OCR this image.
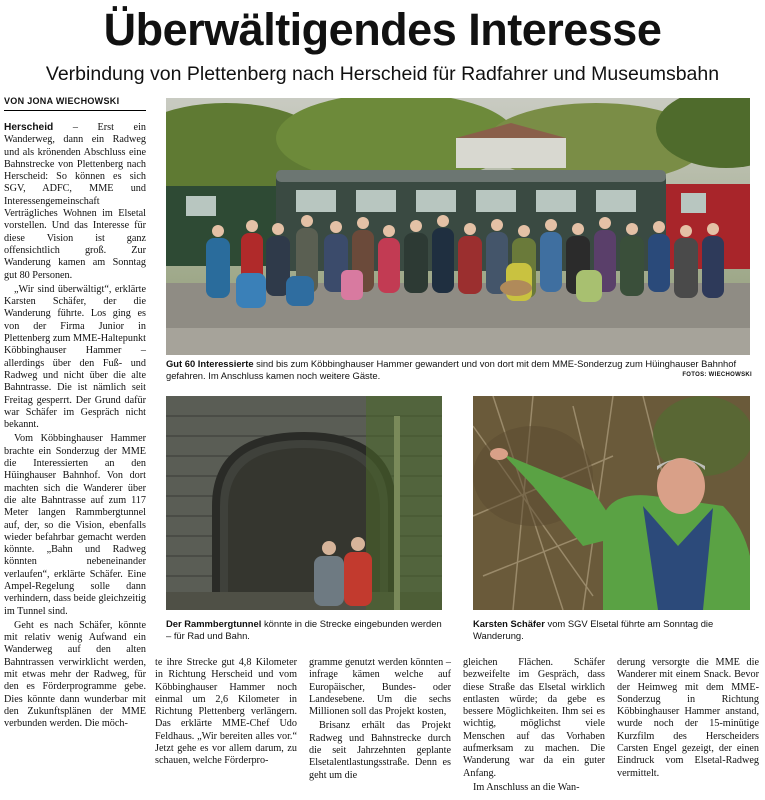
Überwältigendes Interesse
Verbindung von Plettenberg nach Herscheid für Radfahrer und Museumsbahn
VON JONA WIECHOWSKI

Herscheid – Erst ein Wanderweg, dann ein Radweg und als krönenden Abschluss eine Bahnstrecke von Plettenberg nach Herscheid: So können es sich SGV, ADFC, MME und Interessengemeinschaft Verträgliches Wohnen im Elsetal vorstellen. Und das Interesse für diese Vision ist ganz offensichtlich groß. Zur Wanderung kamen am Sonntag gut 80 Personen.

„Wir sind überwältigt“, erklärte Karsten Schäfer, der die Wanderung führte. Los ging es von der Firma Junior in Plettenberg zum MME-Haltepunkt Köbbinghauser Hammer – allerdings über den Fuß- und Radweg und nicht über die alte Bahntrasse. Die ist nämlich seit Freitag gesperrt. Der Grund dafür war Schäfer im Gespräch nicht bekannt.

Vom Köbbinghauser Hammer brachte ein Sonderzug der MME die Interessierten an den Hüinghauser Bahnhof. Von dort machten sich die Wanderer über die alte Bahntrasse auf zum 117 Meter langen Rammbergtunnel auf, der, so die Vision, ebenfalls wieder befahrbar gemacht werden könnte. „Bahn und Radweg könnten nebeneinander verlaufen“, erklärte Schäfer. Eine Ampel-Regelung solle dann verhindern, dass beide gleichzeitig im Tunnel sind.

Geht es nach Schäfer, könnte mit relativ wenig Aufwand ein Wanderweg auf den alten Bahntrassen verwirklicht werden, mit etwas mehr der Radweg, für den es Förderprogramme gebe. Dies könnte dann wunderbar mit den Zukunftsplänen der MME verbunden werden. Die möch-

Gut 60 Interessierte sind bis zum Köbbinghauser Hammer gewandert und von dort mit dem MME-Sonderzug zum Hüinghauser Bahnhof gefahren. Im Anschluss kamen noch weitere Gäste.	FOTOS: WIECHOWSKI
Der Rammbergtunnel könnte in die Strecke eingebunden werden – für Rad und Bahn.
Karsten Schäfer vom SGV Elsetal führte am Sonntag die Wanderung.

te ihre Strecke gut 4,8 Kilometer in Richtung Herscheid und vom Köbbinghauser Hammer noch einmal um 2,6 Kilometer in Richtung Plettenberg verlängern. Das erklärte MME-Chef Udo Feldhaus. „Wir bereiten alles vor.“ Jetzt gehe es vor allem darum, zu schauen, welche Förderpro-

gramme genutzt werden könnten – infrage kämen welche auf Europäischer, Bundes- oder Landesebene. Um die sechs Millionen soll das Projekt kosten,

Brisanz erhält das Projekt Radweg und Bahnstrecke durch die seit Jahrzehnten geplante Elsetalentlastungsstraße. Denn es geht um die

gleichen Flächen. Schäfer bezweifelte im Gespräch, dass diese Straße das Elsetal wirklich entlasten würde; da gebe es bessere Möglichkeiten. Ihm sei es wichtig, möglichst viele Menschen auf das Vorhaben aufmerksam zu machen. Die Wanderung war da ein guter Anfang.

Im Anschluss an die Wan-

derung versorgte die MME die Wanderer mit einem Snack. Bevor der Heimweg mit dem MME-Sonderzug in Richtung Köbbinghauser Hammer anstand, wurde noch der 15-minütige Kurzfilm des Herscheiders Carsten Engel gezeigt, der einen Eindruck vom Elsetal-Radweg vermittelt.
